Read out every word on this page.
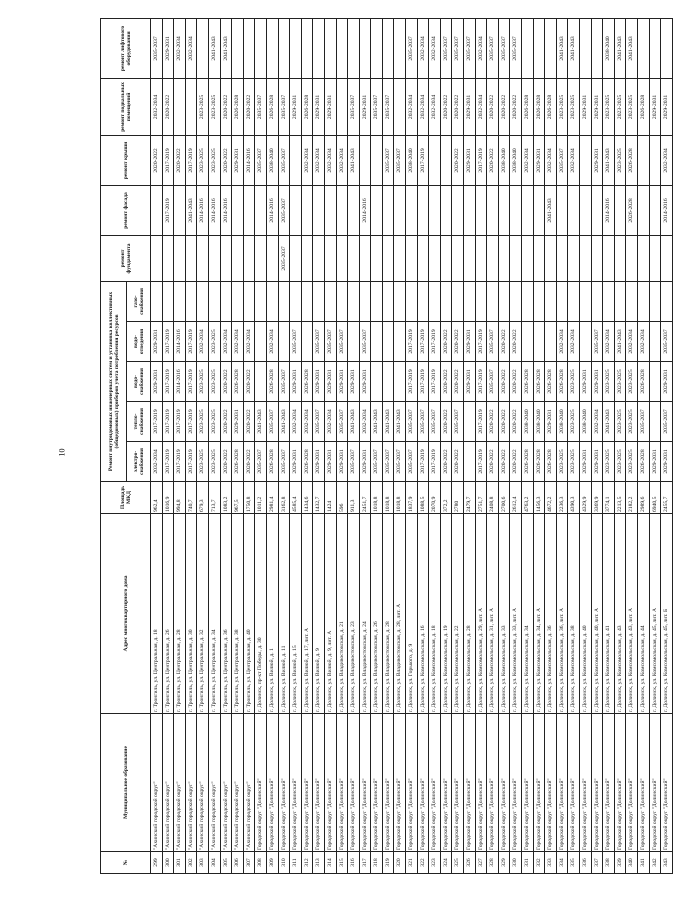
10
№	Муниципальное образование	Адрес многоквартирного дома	Площадь МКД	Ремонт внутридомовых инженерных систем и установка коллективных (общедомовых) приборов учета потребления ресурсов					ремонт фундамента	ремонт фасада	ремонт крыши	ремонт подвальных помещений	ремонт лифтового оборудования
				электро-снабжения	тепло-снабжения	водо-снабжения	водо-отведения	газо-снабжения					
299	"Ахинский городской округ"	г. Тронгиль, ул. Центральная, д. 18	962,4	2032-2034	2017-2019	2029-2031	2029-2031				2020-2022	2032-2034	2035-2037
300	"Ахинский городской округ"	г. Тронгиль, ул. Центральная, д. 26	1016,9	2017-2019	2017-2019	2017-2019	2017-2019			2017-2019	2017-2019	2020-2022	2029-2031
301	"Ахинский городской округ"	г. Тронгиль, ул. Центральная, д. 28	994,8	2017-2019	2017-2019	2014-2016	2014-2016				2020-2022		2032-2034
302	"Ахинский городской округ"	г. Тронгиль, ул. Центральная, д. 30	740,7	2017-2019	2017-2019	2017-2019	2017-2019			2041-2043	2017-2019		2032-2034
303	"Ахинский городской округ"	г. Тронгиль, ул. Центральная, д. 32	679,3	2023-2025	2023-2025	2023-2025	2032-2034			2014-2016	2023-2025	2023-2025	
304	"Ахинский городской округ"	г. Тронгиль, ул. Центральная, д. 34	713,7	2023-2025	2023-2025	2023-2025	2023-2025			2014-2016	2023-2025	2023-2025	2041-2043
305	"Ахинский городской округ"	г. Тронгиль, ул. Центральная, д. 36	1083,2	2020-2022	2020-2022	2020-2022	2032-2034			2014-2016	2020-2022	2020-2022	2041-2043
306	"Ахинский городской округ"	г. Тронгиль, ул. Центральная, д. 38	967,5	2026-2028	2029-2031	2026-2028	2032-2034				2029-2031	2026-2028	
307	"Ахинский городской округ"	г. Тронгиль, ул. Центральная, д. 40	1750,8	2020-2022	2020-2022	2020-2022	2032-2034				2014-2016	2020-2022	
308	Городской округ "Долинский"	г. Долинск, пр-кт Победы, д. 30	1011,2	2035-2037	2041-2043						2035-2037	2035-2037	
309	Городской округ "Долинский"	г. Долинск, ул. Вилюй, д. 1	2981,4	2026-2028	2035-2037	2026-2028	2032-2034			2014-2016	2038-2040	2026-2028	
310	Городской округ "Долинский"	г. Долинск, ул. Вилюй, д. 11	3162,8	2035-2037	2041-2043	2035-2037			2035-2037	2035-2037	2035-2037	2035-2037	
311	Городской округ "Долинский"	г. Долинск, ул. Вилюй, д. 15	4585,4	2029-2031	2032-2034	2029-2031	2035-2037					2029-2031	
312	Городской округ "Долинский"	г. Долинск, ул. Вилюй, д. 17, лит. А	1434,6	2026-2028	2032-2034	2026-2028					2032-2034	2026-2028	
313	Городской округ "Долинский"	г. Долинск, ул. Вилюй, д. 9	1432,7	2029-2031	2035-2037	2029-2031	2035-2037				2032-2034	2029-2031	
314	Городской округ "Долинский"	г. Долинск, ул. Вилюй, д. 9, лит. А	1424	2029-2031	2032-2034	2029-2031	2035-2037				2032-2034	2029-2031	
315	Городской округ "Долинский"	г. Долинск, ул. Владивостокская, д. 21	596	2029-2031	2035-2037	2029-2031	2035-2037				2032-2034		
316	Городской округ "Долинский"	г. Долинск, ул. Владивостокская, д. 23	911,3	2035-2037	2041-2043	2029-2031					2041-2043	2035-2037	
317	Городской округ "Долинский"	г. Долинск, ул. Владивостокская, д. 24	2451,7	2029-2031	2032-2034	2029-2031	2035-2037			2014-2016		2029-2031	
318	Городской округ "Долинский"	г. Долинск, ул. Владивостокская, д. 26	1018,8	2035-2037	2041-2043							2035-2037	
319	Городской округ "Долинский"	г. Долинск, ул. Владивостокская, д. 28	1018,8	2035-2037	2041-2043						2035-2037	2035-2037	
320	Городской округ "Долинский"	г. Долинск, ул. Владивостокская, д. 28, лит. А	1018,8	2035-2037	2041-2043						2035-2037		
321	Городской округ "Долинский"	г. Долинск, ул. Горького, д. 9	1837,9	2035-2037	2035-2037	2017-2019	2017-2019				2038-2040	2032-2034	2035-2037
322	Городской округ "Долинский"	г. Долинск, ул. Комсомольская, д. 16	1088,5	2017-2019	2035-2037	2017-2019	2017-2019				2017-2019	2032-2034	2032-2034
323	Городской округ "Долинский"	г. Долинск, ул. Комсомольская, д. 18	2070,9	2017-2019	2035-2037	2017-2019	2017-2019					2032-2034	2032-2034
324	Городской округ "Долинский"	г. Долинск, ул. Комсомольская, д. 19	372,2	2020-2022	2020-2022	2020-2022	2020-2022					2020-2022	2035-2037
325	Городской округ "Долинский"	г. Долинск, ул. Комсомольская, д. 22	2780	2020-2022	2035-2037	2020-2022	2020-2022				2020-2022	2020-2022	2035-2037
326	Городской округ "Долинский"	г. Долинск, ул. Комсомольская, д. 28	2479,7			2029-2031	2029-2031				2029-2031	2029-2031	2035-2037
327	Городской округ "Долинский"	г. Долинск, ул. Комсомольская, д. 29, лит. А	2751,7	2017-2019	2017-2019	2017-2019	2017-2019				2017-2019	2032-2034	2032-2034
328	Городской округ "Долинский"	г. Долинск, ул. Комсомольская, д. 31, лит. А	2408,8	2020-2022	2020-2022	2035-2037	2035-2037				2020-2022	2020-2022	2035-2037
329	Городской округ "Долинский"	г. Долинск, ул. Комсомольская, д. 33	2700,6	2020-2022	2020-2022	2020-2022	2020-2022				2038-2040	2020-2022	2035-2037
330	Городской округ "Долинский"	г. Долинск, ул. Комсомольская, д. 33, лит. А	2612,4	2020-2022	2020-2022	2020-2022	2020-2022				2038-2040	2020-2022	2035-2037
331	Городской округ "Долинский"	г. Долинск, ул. Комсомольская, д. 34	4763,2	2026-2028	2038-2040	2026-2028					2032-2034	2026-2028	
332	Городской округ "Долинский"	г. Долинск, ул. Комсомольская, д. 34, лит. А	1456,3	2026-2028	2038-2040	2026-2028					2029-2031	2026-2028	
333	Городской округ "Долинский"	г. Долинск, ул. Комсомольская, д. 36	4672,2	2026-2028	2029-2031	2026-2028				2041-2043	2032-2034	2026-2028	
334	Городской округ "Долинский"	г. Долинск, ул. Комсомольская, д. 36, лит. А	2236,3	2023-2025	2038-2040	2026-2028	2032-2034				2035-2037	2023-2025	2041-2043
335	Городской округ "Долинский"	г. Долинск, ул. Комсомольская, д. 38	4390,3	2023-2025	2023-2025	2023-2025	2032-2034				2032-2034	2023-2025	2041-2043
336	Городской округ "Долинский"	г. Долинск, ул. Комсомольская, д. 40	4329,9	2029-2031	2038-2040	2029-2031						2029-2031	
337	Городской округ "Долинский"	г. Долинск, ул. Комсомольская, д. 40, лит. А	3369,9	2029-2031	2032-2034	2029-2031	2035-2037				2029-2031	2029-2031	
338	Городской округ "Долинский"	г. Долинск, ул. Комсомольская, д. 41	3774,1	2023-2025	2041-2043	2023-2025	2032-2034			2014-2016	2041-2043	2023-2025	2038-2040
339	Городской округ "Долинский"	г. Долинск, ул. Комсомольская, д. 43	2213,5	2023-2025	2023-2025	2023-2025	2041-2043				2023-2025	2023-2025	2041-2043
340	Городской округ "Долинский"	г. Долинск, ул. Комсомольская, д. 43, лит. А	2182,2	2023-2025	2023-2025	2023-2025	2032-2034			2026-2028	2026-2028	2023-2025	2041-2043
341	Городской округ "Долинский"	г. Долинск, ул. Комсомольская, д. 44	2989,6	2026-2028	2035-2037	2026-2028	2032-2034					2026-2028	
342	Городской округ "Долинский"	г. Долинск, ул. Комсомольская, д. 45, лит. А	6940,5	2029-2031								2029-2031	
343	Городской округ "Долинский"	г. Долинск, ул. Комсомольская, д. 45, лит. Б	2455,7	2029-2031	2035-2037	2029-2031	2035-2037			2014-2016	2032-2034	2029-2031	
